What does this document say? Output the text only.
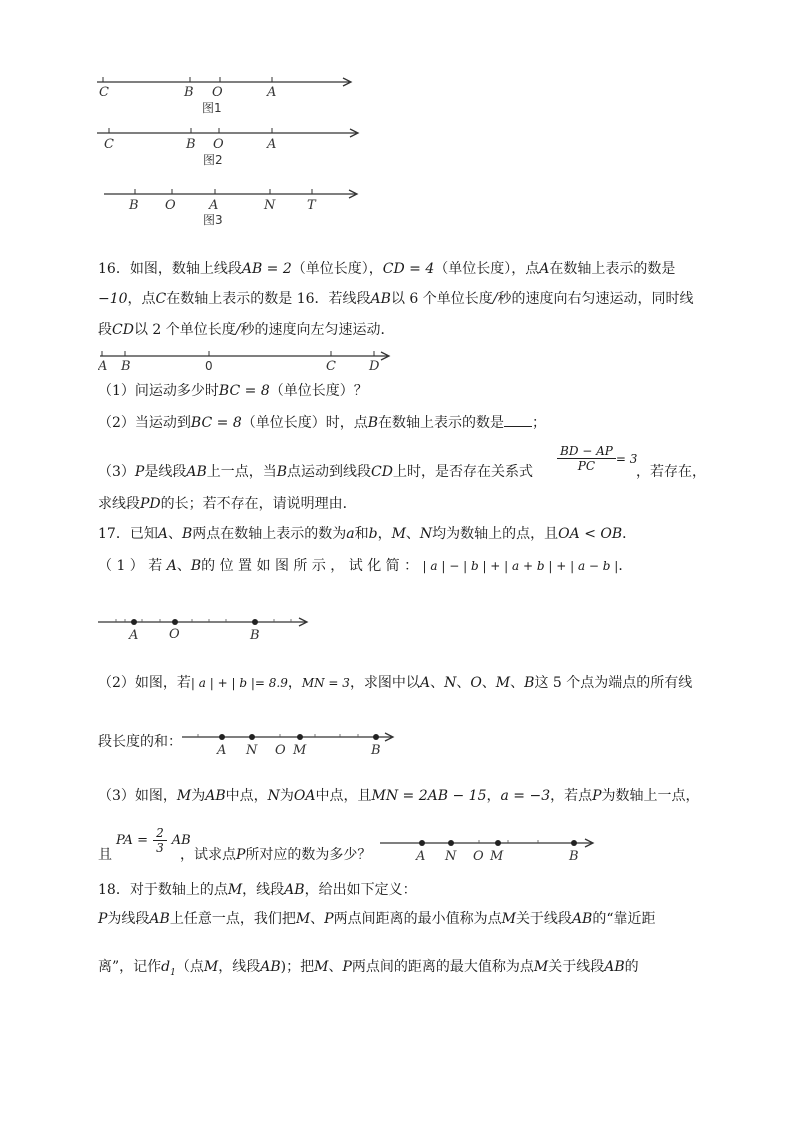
C	B O	A
图1
C	B O	A
图2
B O	A	N T
图3
16．如图，数轴上线段AB = 2（单位长度），CD = 4（单位长度），点A在数轴上表示的数是
−10，点C在数轴上表示的数是 16．若线段AB以 6 个单位长度/秒的速度向右匀速运动，同时线
段CD以 2 个单位长度/秒的速度向左匀速运动．
A B	0	C	D
（1）问运动多少时BC = 8（单位长度）？
（2）当运动到BC = 8（单位长度）时，点B在数轴上表示的数是 ；
（3）P是线段AB上一点，当B点运动到线段CD上时，是否存在关系式	$\frac{BD - AP}{PC} = 3$
，若存在，
求线段PD的长；若不存在，请说明理由．
17．已知A、B两点在数轴上表示的数为a和b，M、N均为数轴上的点，且OA < OB．
（ 1 ） 若 A、B的 位 置 如 图 所 示 ， 试 化 简 ： | a | − | b | + | a + b | + | a − b |．
A O	B
（2）如图，若| a | + | b |= 8.9，MN = 3，求图中以A、N、O、M、B这 5 个点为端点的所有线
段长度的和：
A N O M	B
（3）如图，M为AB中点，N为OA中点，且MN = 2AB − 15，a = −3，若点P为数轴上一点，
且
PA = $\frac{2}{3}$ AB
，试求点P所对应的数为多少？	A N O M	B
18．对于数轴上的点M，线段AB，给出如下定义：
P为线段AB上任意一点，我们把M、P两点间距离的最小值称为点M关于线段AB的“靠近距
离”，记作$d_1$（点M，线段AB)；把M、P两点间的距离的最大值称为点M关于线段AB的
